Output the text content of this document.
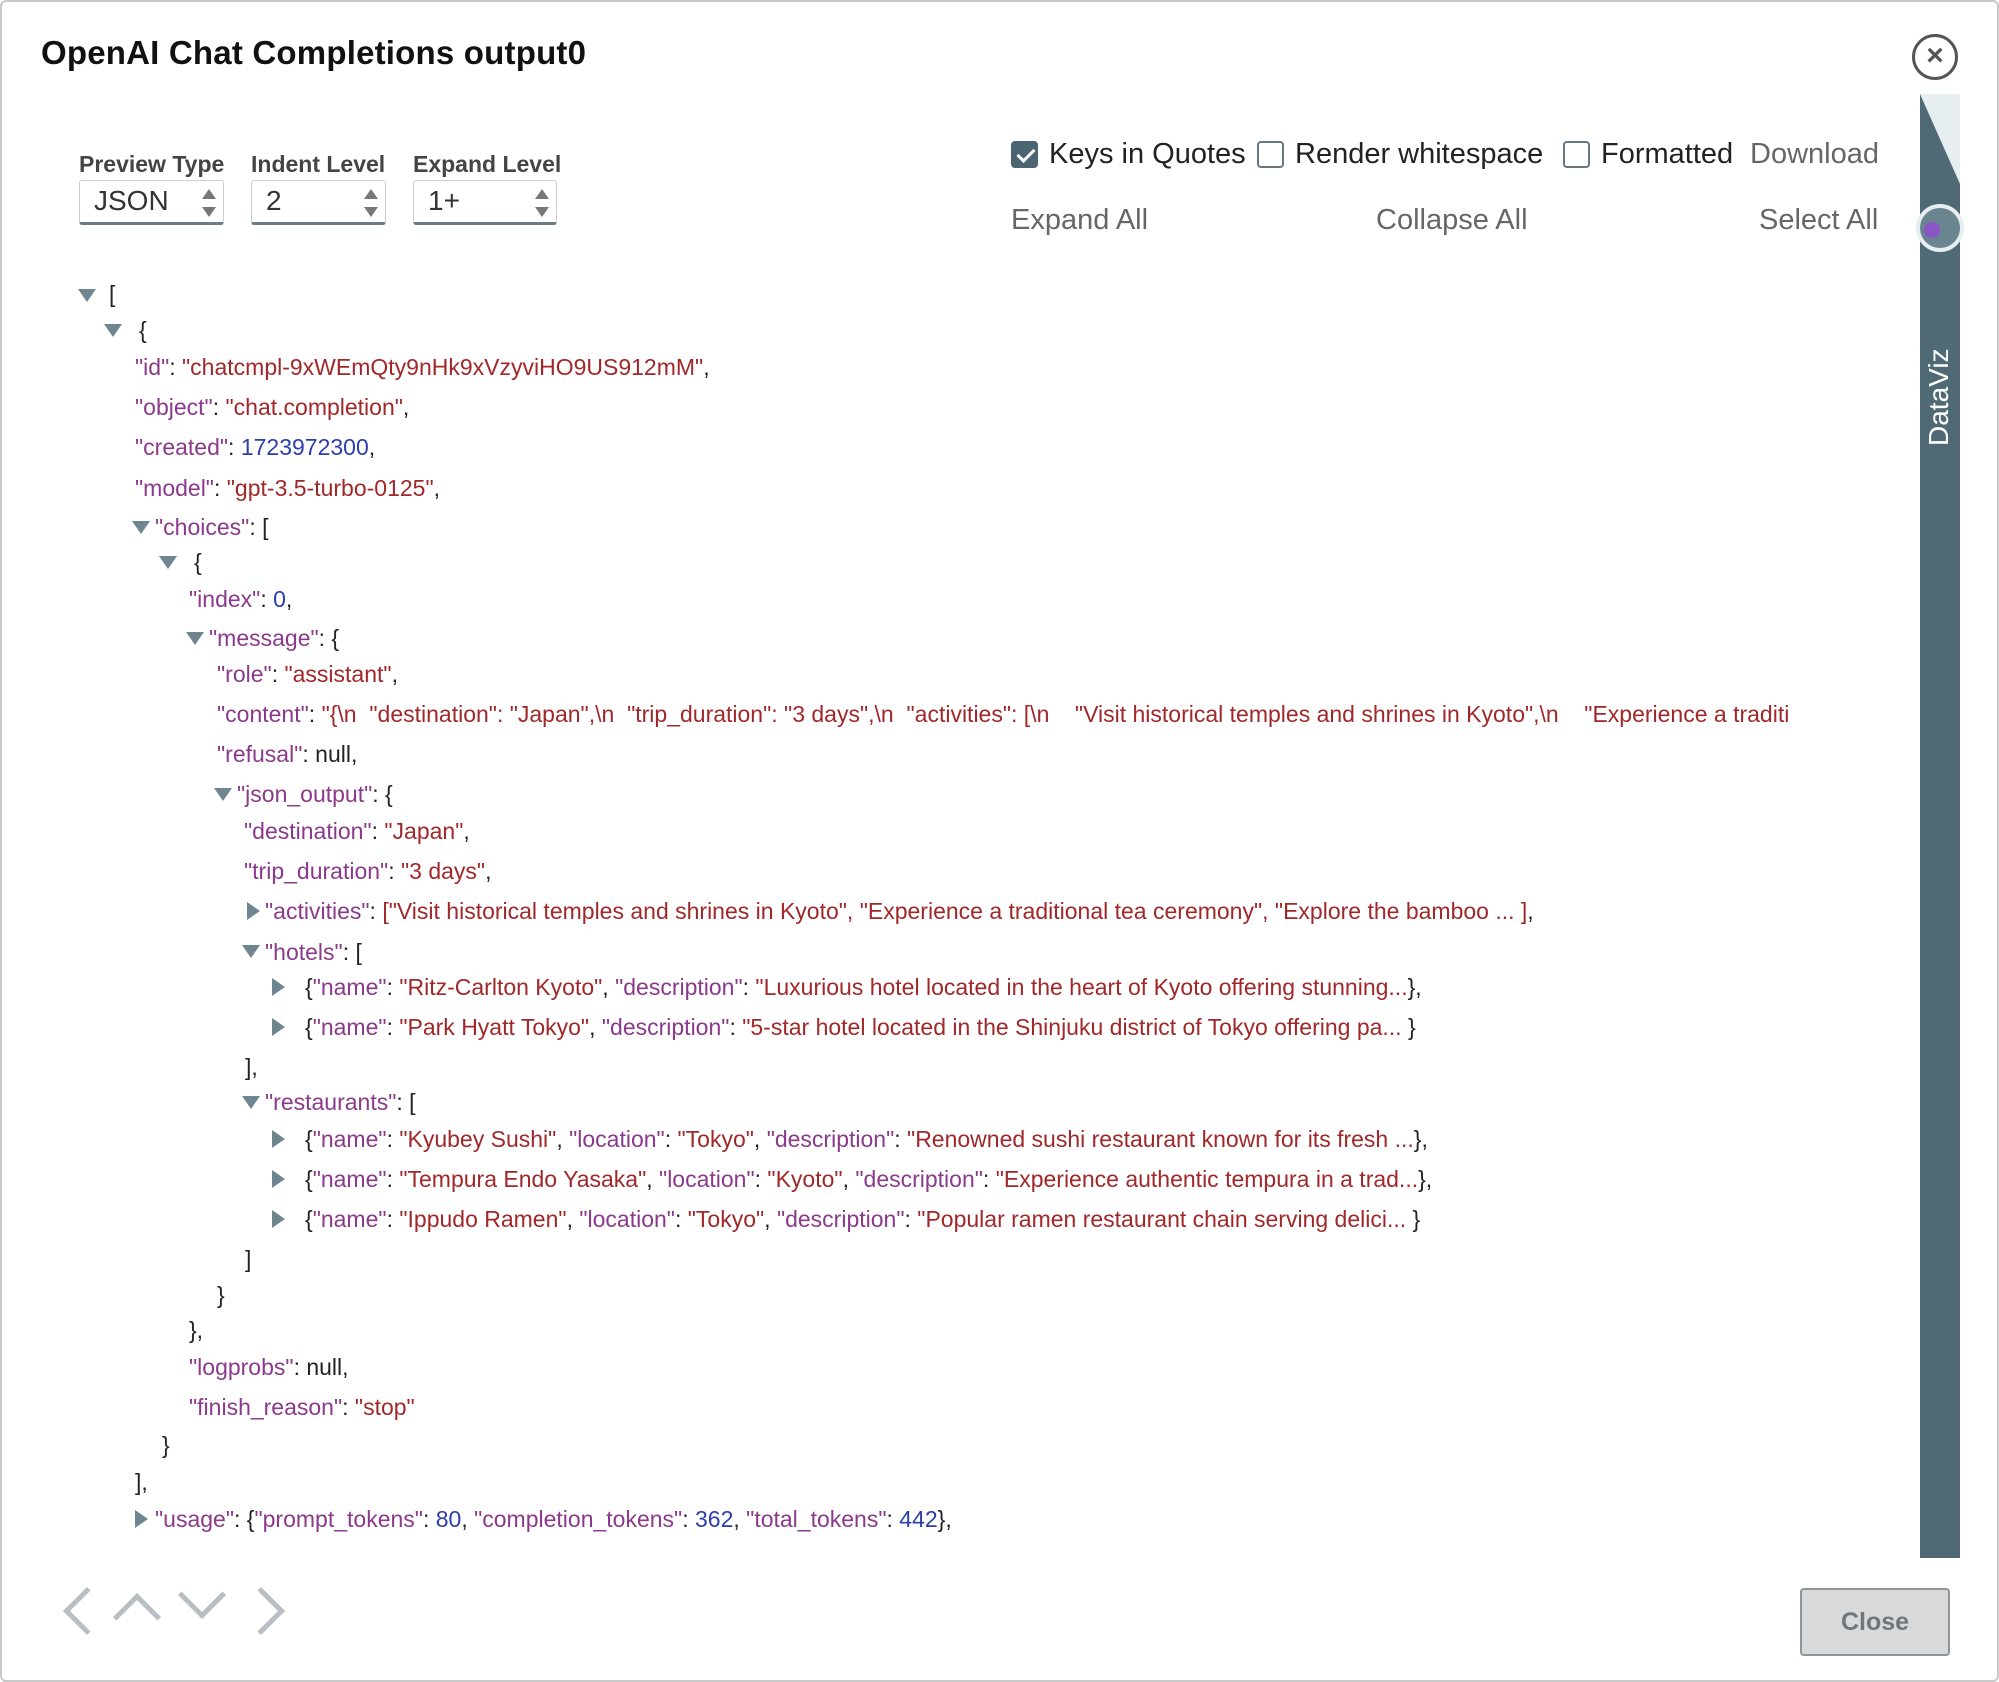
OpenAI Chat Completions output0	×
Preview Type
JSON
Indent Level
2
Expand Level
1+
Keys in Quotes Render whitespace Formatted Download
Expand All	Collapse All	Select All
DataViz
[
{
"id": "chatcmpl-9xWEmQty9nHk9xVzyviHO9US912mM",
"object": "chat.completion",
"created": 1723972300,
"model": "gpt-3.5-turbo-0125",
"choices": [
{
"index": 0,
"message": {
"role": "assistant",
"content": "{\n  "destination": "Japan",\n  "trip_duration": "3 days",\n  "activities": [\n    "Visit historical temples and shrines in Kyoto",\n    "Experience a traditi
"refusal": null,
"json_output": {
"destination": "Japan",
"trip_duration": "3 days",
"activities": ["Visit historical temples and shrines in Kyoto", "Experience a traditional tea ceremony", "Explore the bamboo ... ],
"hotels": [
{"name": "Ritz-Carlton Kyoto", "description": "Luxurious hotel located in the heart of Kyoto offering stunning...},
{"name": "Park Hyatt Tokyo", "description": "5-star hotel located in the Shinjuku district of Tokyo offering pa... }
],
"restaurants": [
{"name": "Kyubey Sushi", "location": "Tokyo", "description": "Renowned sushi restaurant known for its fresh ...},
{"name": "Tempura Endo Yasaka", "location": "Kyoto", "description": "Experience authentic tempura in a trad...},
{"name": "Ippudo Ramen", "location": "Tokyo", "description": "Popular ramen restaurant chain serving delici... }
]
}
},
"logprobs": null,
"finish_reason": "stop"
}
],
"usage": {"prompt_tokens": 80, "completion_tokens": 362, "total_tokens": 442},
Close
